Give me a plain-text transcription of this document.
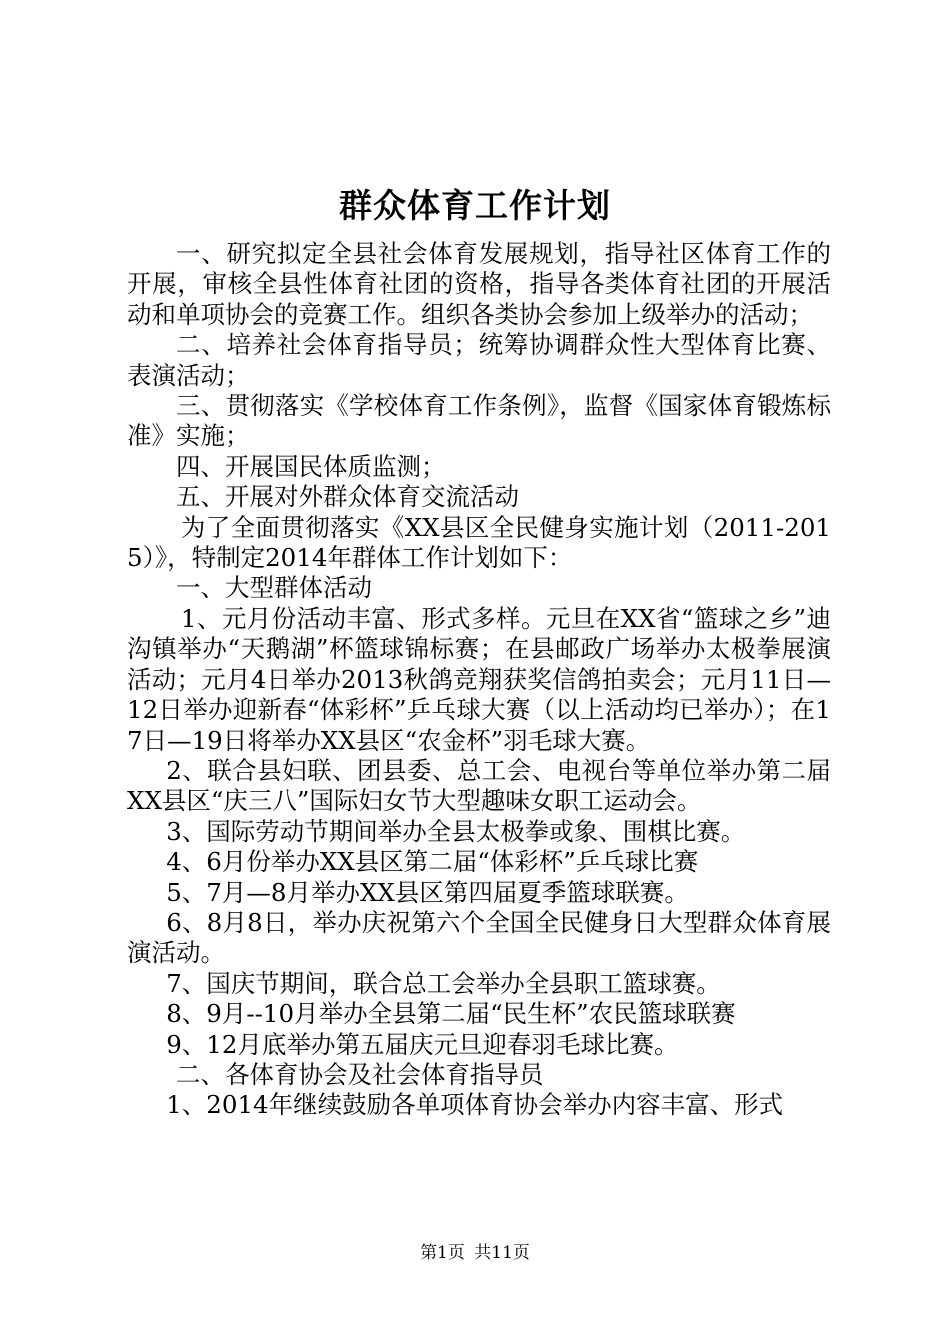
群众体育工作计划

一、研究拟定全县社会体育发展规划，指导社区体育工作的开展，审核全县性体育社团的资格，指导各类体育社团的开展活动和单项协会的竞赛工作。组织各类协会参加上级举办的活动；

二、培养社会体育指导员；统筹协调群众性大型体育比赛、表演活动；

三、贯彻落实《学校体育工作条例》，监督《国家体育锻炼标准》实施；

四、开展国民体质监测；

五、开展对外群众体育交流活动

为了全面贯彻落实《XX县区全民健身实施计划（2011-2015）》，特制定2014年群体工作计划如下：

一、大型群体活动

1、元月份活动丰富、形式多样。元旦在XX省“篮球之乡”迪沟镇举办“天鹅湖”杯篮球锦标赛；在县邮政广场举办太极拳展演活动；元月4日举办2013秋鸽竞翔获奖信鸽拍卖会；元月11日—12日举办迎新春“体彩杯”乒乓球大赛（以上活动均已举办）；在17日—19日将举办XX县区“农金杯”羽毛球大赛。

2、联合县妇联、团县委、总工会、电视台等单位举办第二届XX县区“庆三八”国际妇女节大型趣味女职工运动会。

3、国际劳动节期间举办全县太极拳或象、围棋比赛。

4、6月份举办XX县区第二届“体彩杯”乒乓球比赛

5、7月—8月举办XX县区第四届夏季篮球联赛。

6、8月8日，举办庆祝第六个全国全民健身日大型群众体育展演活动。

7、国庆节期间，联合总工会举办全县职工篮球赛。

8、9月--10月举办全县第二届“民生杯”农民篮球联赛

9、12月底举办第五届庆元旦迎春羽毛球比赛。

二、各体育协会及社会体育指导员

1、2014年继续鼓励各单项体育协会举办内容丰富、形式

第1页 共11页
